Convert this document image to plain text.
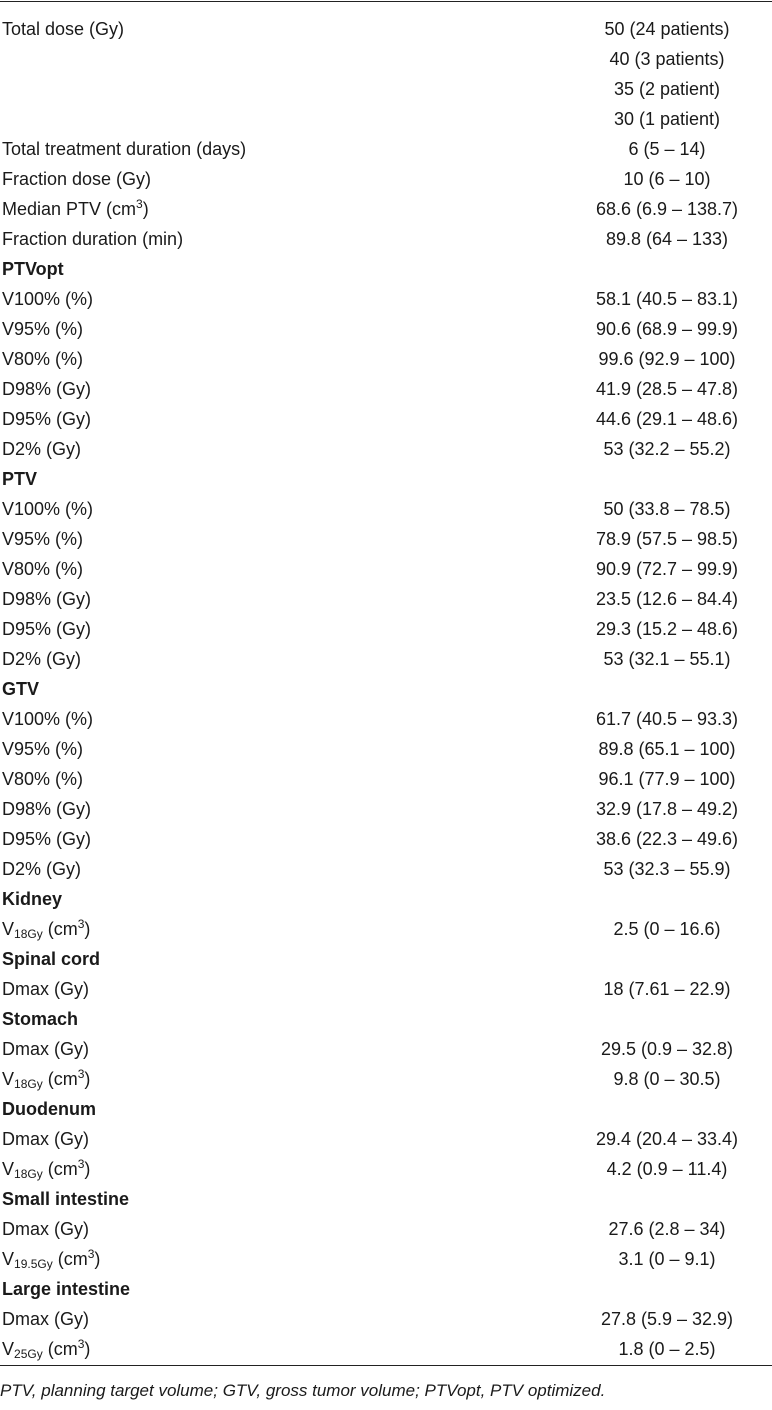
Total dose (Gy)	50 (24 patients)
40 (3 patients)
35 (2 patient)
30 (1 patient)
Total treatment duration (days)	6 (5 – 14)
Fraction dose (Gy)	10 (6 – 10)
Median PTV $(cm^3)$	68.6 (6.9 – 138.7)
Fraction duration (min)	89.8 (64 – 133)
PTVopt
V100% (%)	58.1 (40.5 – 83.1)
V95% (%)	90.6 (68.9 – 99.9)
V80% (%)	99.6 (92.9 – 100)
D98% (Gy)	41.9 (28.5 – 47.8)
D95% (Gy)	44.6 (29.1 – 48.6)
D2% (Gy)	53 (32.2 – 55.2)
PTV
V100% (%)	50 (33.8 – 78.5)
V95% (%)	78.9 (57.5 – 98.5)
V80% (%)	90.9 (72.7 – 99.9)
D98% (Gy)	23.5 (12.6 – 84.4)
D95% (Gy)	29.3 (15.2 – 48.6)
D2% (Gy)	53 (32.1 – 55.1)
GTV
V100% (%)	61.7 (40.5 – 93.3)
V95% (%)	89.8 (65.1 – 100)
V80% (%)	96.1 (77.9 – 100)
D98% (Gy)	32.9 (17.8 – 49.2)
D95% (Gy)	38.6 (22.3 – 49.6)
D2% (Gy)	53 (32.3 – 55.9)
Kidney
$V_{18Gy}$ $(cm^3)$	2.5 (0 – 16.6)
Spinal cord
Dmax (Gy)	18 (7.61 – 22.9)
Stomach
Dmax (Gy)	29.5 (0.9 – 32.8)
$V_{18Gy}$ $(cm^3)$	9.8 (0 – 30.5)
Duodenum
Dmax (Gy)	29.4 (20.4 – 33.4)
$V_{18Gy}$ $(cm^3)$	4.2 (0.9 – 11.4)
Small intestine
Dmax (Gy)	27.6 (2.8 – 34)
$V_{19.5Gy}$ $(cm^3)$	3.1 (0 – 9.1)
Large intestine
Dmax (Gy)	27.8 (5.9 – 32.9)
$V_{25Gy}$ $(cm^3)$	1.8 (0 – 2.5)
PTV, planning target volume; GTV, gross tumor volume; PTVopt, PTV optimized.
